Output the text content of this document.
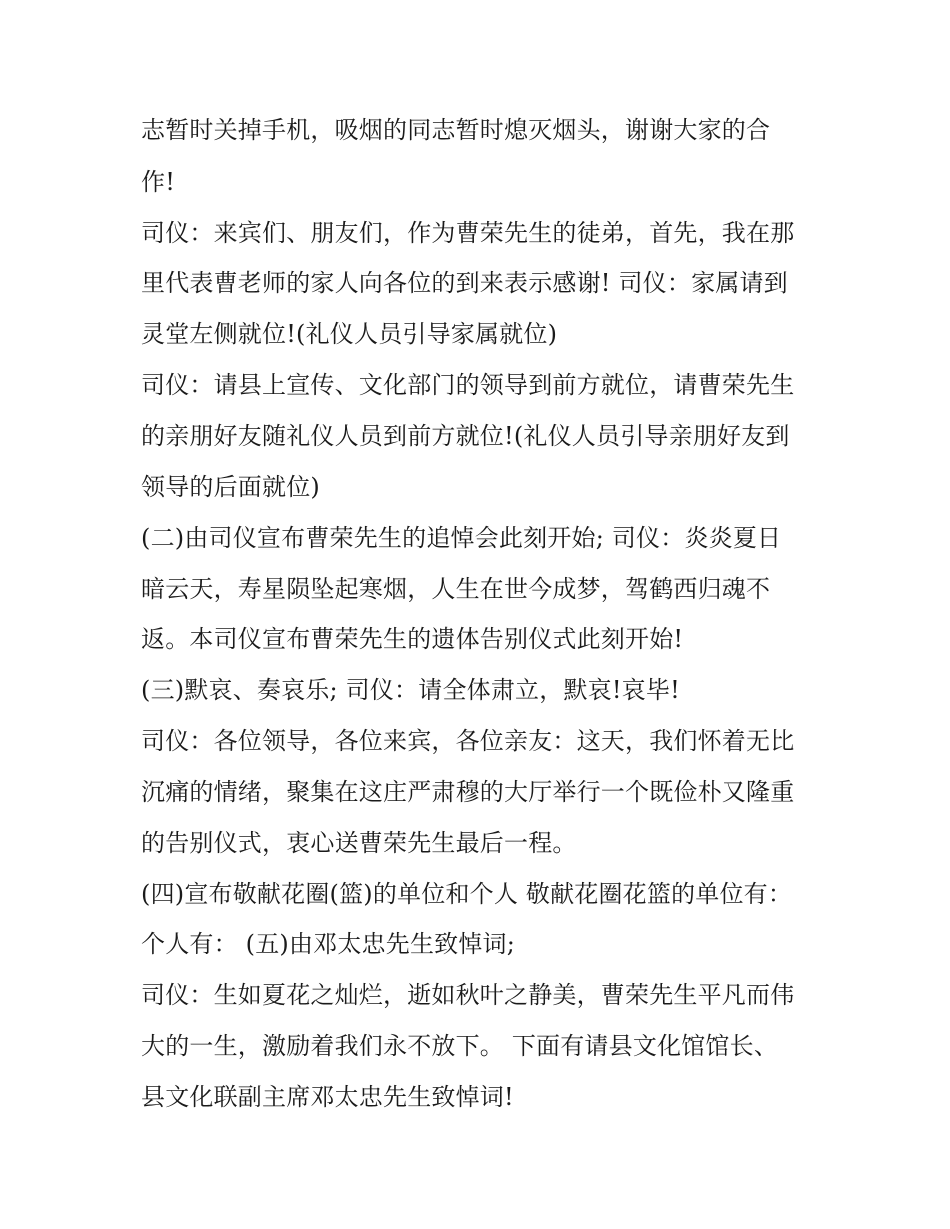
志暂时关掉手机，吸烟的同志暂时熄灭烟头，谢谢大家的合
作!
司仪：来宾们、朋友们，作为曹荣先生的徒弟，首先，我在那
里代表曹老师的家人向各位的到来表示感谢! 司仪：家属请到
灵堂左侧就位!(礼仪人员引导家属就位)
司仪：请县上宣传、文化部门的领导到前方就位，请曹荣先生
的亲朋好友随礼仪人员到前方就位!(礼仪人员引导亲朋好友到
领导的后面就位)
(二)由司仪宣布曹荣先生的追悼会此刻开始; 司仪：炎炎夏日
暗云天，寿星陨坠起寒烟，人生在世今成梦，驾鹤西归魂不
返。本司仪宣布曹荣先生的遗体告别仪式此刻开始!
(三)默哀、奏哀乐; 司仪：请全体肃立，默哀!哀毕!
司仪：各位领导，各位来宾，各位亲友：这天，我们怀着无比
沉痛的情绪，聚集在这庄严肃穆的大厅举行一个既俭朴又隆重
的告别仪式，衷心送曹荣先生最后一程。
(四)宣布敬献花圈(篮)的单位和个人 敬献花圈花篮的单位有：
个人有： (五)由邓太忠先生致悼词;
司仪：生如夏花之灿烂，逝如秋叶之静美，曹荣先生平凡而伟
大的一生，激励着我们永不放下。 下面有请县文化馆馆长、
县文化联副主席邓太忠先生致悼词!
